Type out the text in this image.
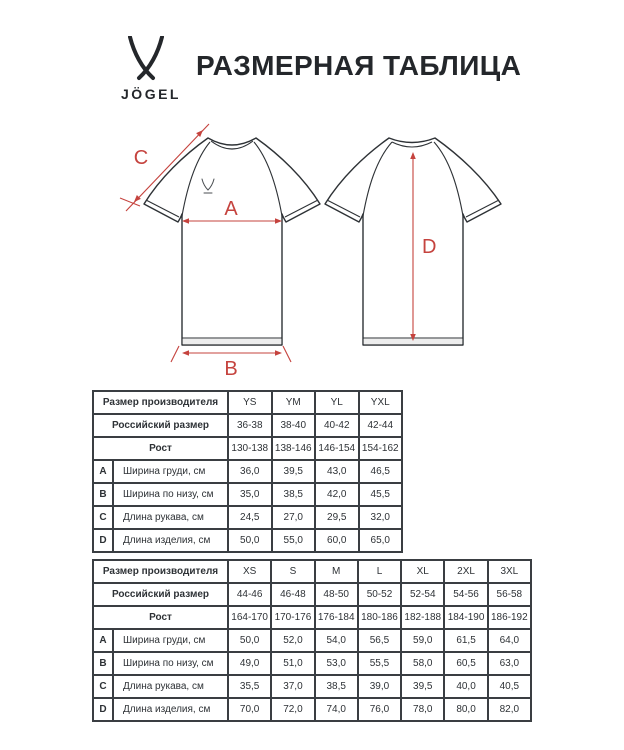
JÖGEL
РАЗМЕРНАЯ ТАБЛИЦА
A
B
C
D
Размер производителя		YS	YM	YL	YXL
Российский размер		36-38	38-40	40-42	42-44
Рост		130-138	138-146	146-154	154-162
A	Ширина груди, см	36,0	39,5	43,0	46,5
B	Ширина по низу, см	35,0	38,5	42,0	45,5
C	Длина рукава, см	24,5	27,0	29,5	32,0
D	Длина изделия, см	50,0	55,0	60,0	65,0
Размер производителя		XS	S	M	L	XL	2XL	3XL
Российский размер		44-46	46-48	48-50	50-52	52-54	54-56	56-58
Рост		164-170	170-176	176-184	180-186	182-188	184-190	186-192
A	Ширина груди, см	50,0	52,0	54,0	56,5	59,0	61,5	64,0
B	Ширина по низу, см	49,0	51,0	53,0	55,5	58,0	60,5	63,0
C	Длина рукава, см	35,5	37,0	38,5	39,0	39,5	40,0	40,5
D	Длина изделия, см	70,0	72,0	74,0	76,0	78,0	80,0	82,0
